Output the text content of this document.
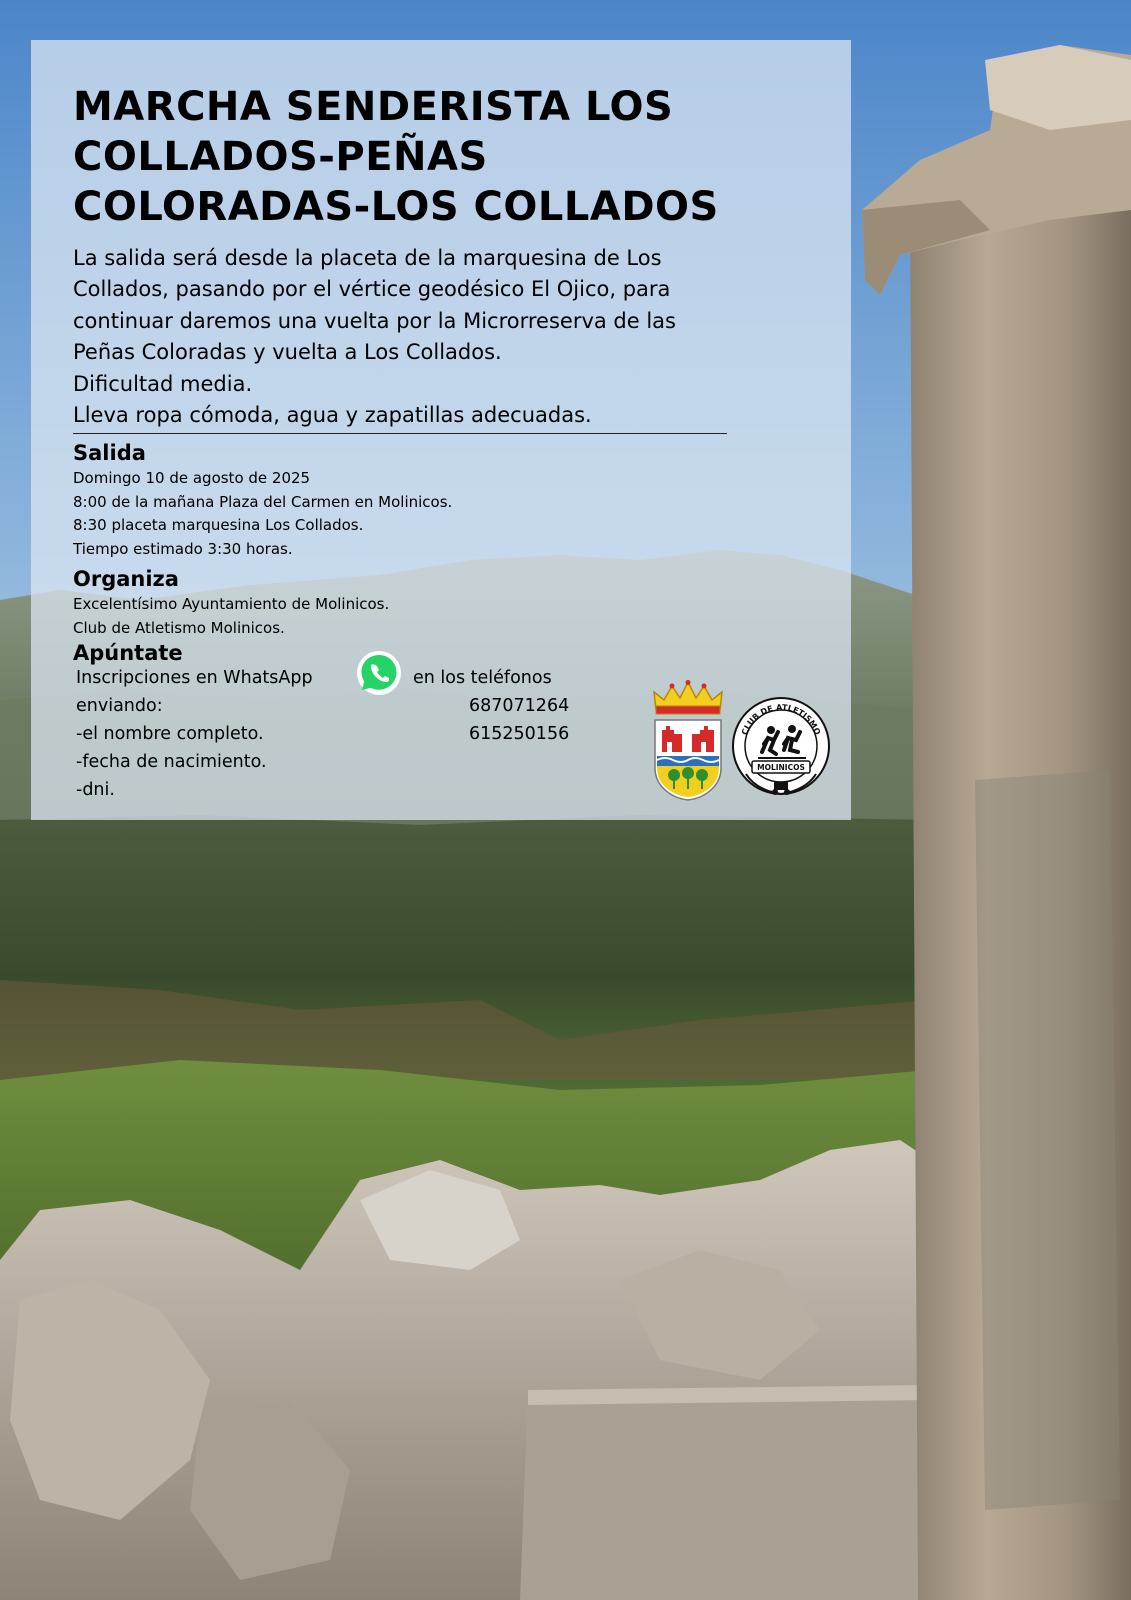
MARCHA SENDERISTA LOS
COLLADOS-PEÑAS
COLORADAS-LOS COLLADOS
La salida será desde la placeta de la marquesina de Los
Collados, pasando por el vértice geodésico El Ojico, para
continuar daremos una vuelta por la Microrreserva de las
Peñas Coloradas y vuelta a Los Collados.
Dificultad media.
Lleva ropa cómoda, agua y zapatillas adecuadas.
Salida
Domingo 10 de agosto de 2025
8:00 de la mañana Plaza del Carmen en Molinicos.
8:30 placeta marquesina Los Collados.
Tiempo estimado 3:30 horas.
Organiza
Excelentísimo Ayuntamiento de Molinicos.
Club de Atletismo Molinicos.
Apúntate
Inscripciones en WhatsApp
enviando:
-el nombre completo.
-fecha de nacimiento.
-dni.
en los teléfonos
687071264
615250156	CLUB DE ATLETISMO
MOLINICOS
